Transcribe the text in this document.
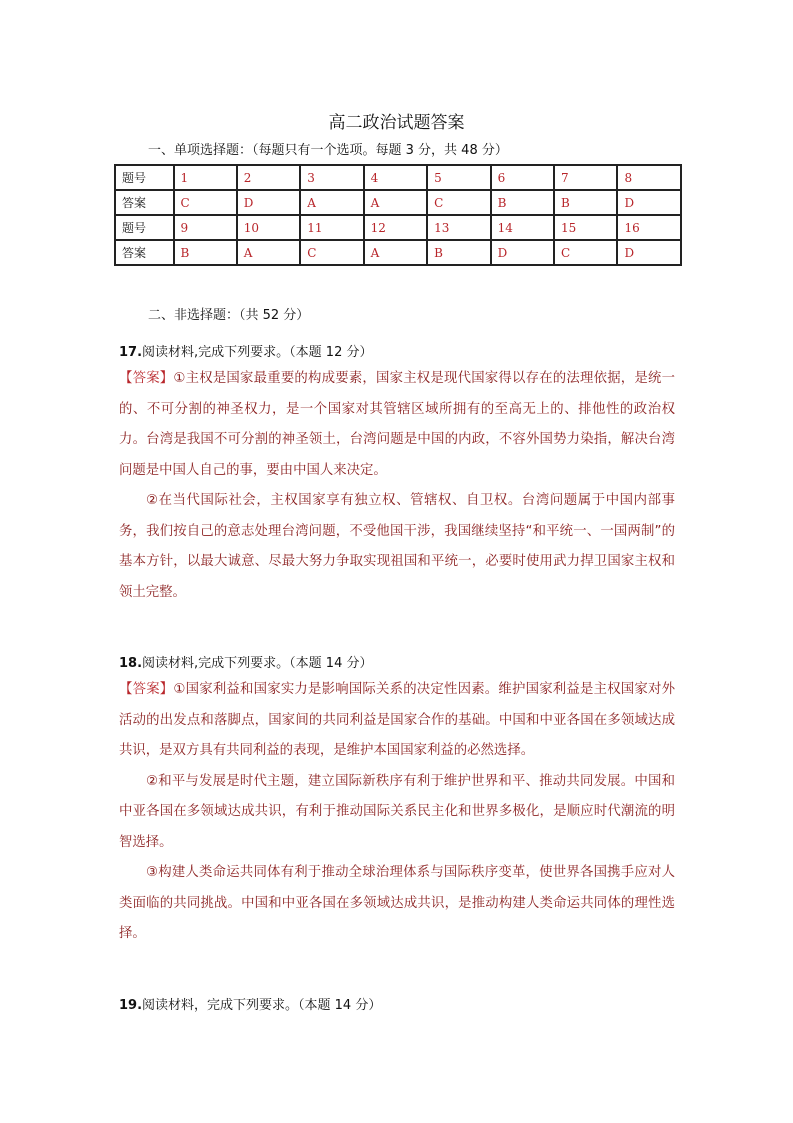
高二政治试题答案
一、单项选择题：（每题只有一个选项。每题 3 分，共 48 分）
题号	1	2	3	4	5	6	7	8
答案	C	D	A	A	C	B	B	D
题号	9	10	11	12	13	14	15	16
答案	B	A	C	A	B	D	C	D
二、非选择题：（共 52 分）
17.阅读材料,完成下列要求。（本题 12 分）

【答案】①主权是国家最重要的构成要素，国家主权是现代国家得以存在的法理依据，是统一的、不可分割的神圣权力，是一个国家对其管辖区域所拥有的至高无上的、排他性的政治权力。台湾是我国不可分割的神圣领土，台湾问题是中国的内政，不容外国势力染指，解决台湾问题是中国人自己的事，要由中国人来决定。

②在当代国际社会，主权国家享有独立权、管辖权、自卫权。台湾问题属于中国内部事务，我们按自己的意志处理台湾问题，不受他国干涉，我国继续坚持“和平统一、一国两制”的基本方针，以最大诚意、尽最大努力争取实现祖国和平统一，必要时使用武力捍卫国家主权和领土完整。

18.阅读材料,完成下列要求。（本题 14 分）

【答案】①国家利益和国家实力是影响国际关系的决定性因素。维护国家利益是主权国家对外活动的出发点和落脚点，国家间的共同利益是国家合作的基础。中国和中亚各国在多领域达成共识，是双方具有共同利益的表现，是维护本国国家利益的必然选择。

②和平与发展是时代主题，建立国际新秩序有利于维护世界和平、推动共同发展。中国和中亚各国在多领域达成共识，有利于推动国际关系民主化和世界多极化，是顺应时代潮流的明智选择。

③构建人类命运共同体有利于推动全球治理体系与国际秩序变革，使世界各国携手应对人类面临的共同挑战。中国和中亚各国在多领域达成共识，是推动构建人类命运共同体的理性选择。

19.阅读材料，完成下列要求。（本题 14 分）
